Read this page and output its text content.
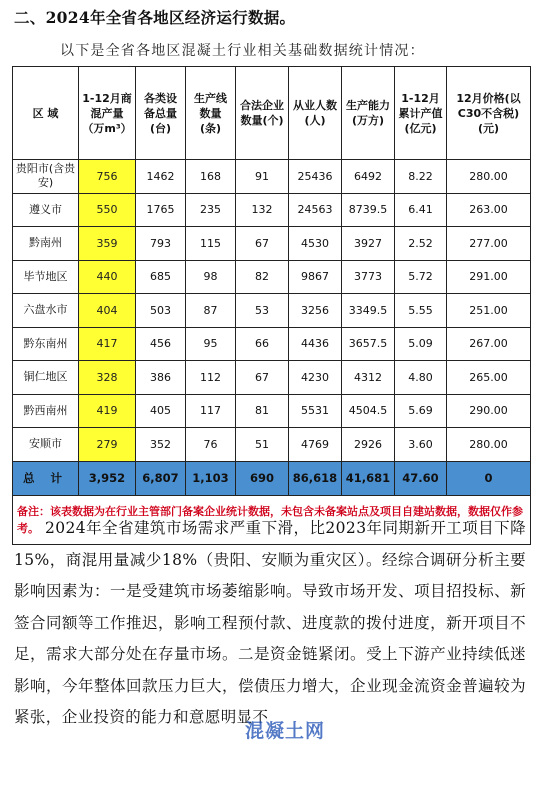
二、2024年全省各地区经济运行数据。
以下是全省各地区混凝土行业相关基础数据统计情况：
区 域	1-12月商混产量（万m³）	各类设备总量(台)	生产线数量(条)	合法企业数量(个)	从业人数(人)	生产能力(万方)	1-12月累计产值(亿元)	12月价格(以C30不含税)(元)

贵阳市(含贵安)	756	1462	168	91	25436	6492	8.22	280.00
遵义市	550	1765	235	132	24563	8739.5	6.41	263.00
黔南州	359	793	115	67	4530	3927	2.52	277.00
毕节地区	440	685	98	82	9867	3773	5.72	291.00
六盘水市	404	503	87	53	3256	3349.5	5.55	251.00
黔东南州	417	456	95	66	4436	3657.5	5.09	267.00
铜仁地区	328	386	112	67	4230	4312	4.80	265.00
黔西南州	419	405	117	81	5531	4504.5	5.69	290.00
安顺市	279	352	76	51	4769	2926	3.60	280.00
总 计	3,952	6,807	1,103	690	86,618	41,681	47.60	0
备注：该表数据为在行业主管部门备案企业统计数据，未包含未备案站点及项目自建站数据，数据仅作参考。								2024年全省建筑市场需求严重下滑，比2023年同期新开工项目下降15%，商混用量减少18%（贵阳、安顺为重灾区）。经综合调研分析主要影响因素为：一是受建筑市场萎缩影响。导致市场开发、项目招投标、新签合同额等工作推迟，影响工程预付款、进度款的拨付进度，新开项目不足，需求大部分处在存量市场。二是资金链紧闭。受上下游产业持续低迷影响，今年整体回款压力巨大，偿债压力增大，企业现金流资金普遍较为紧张，企业投资的能力和意愿明显不

混凝土网
